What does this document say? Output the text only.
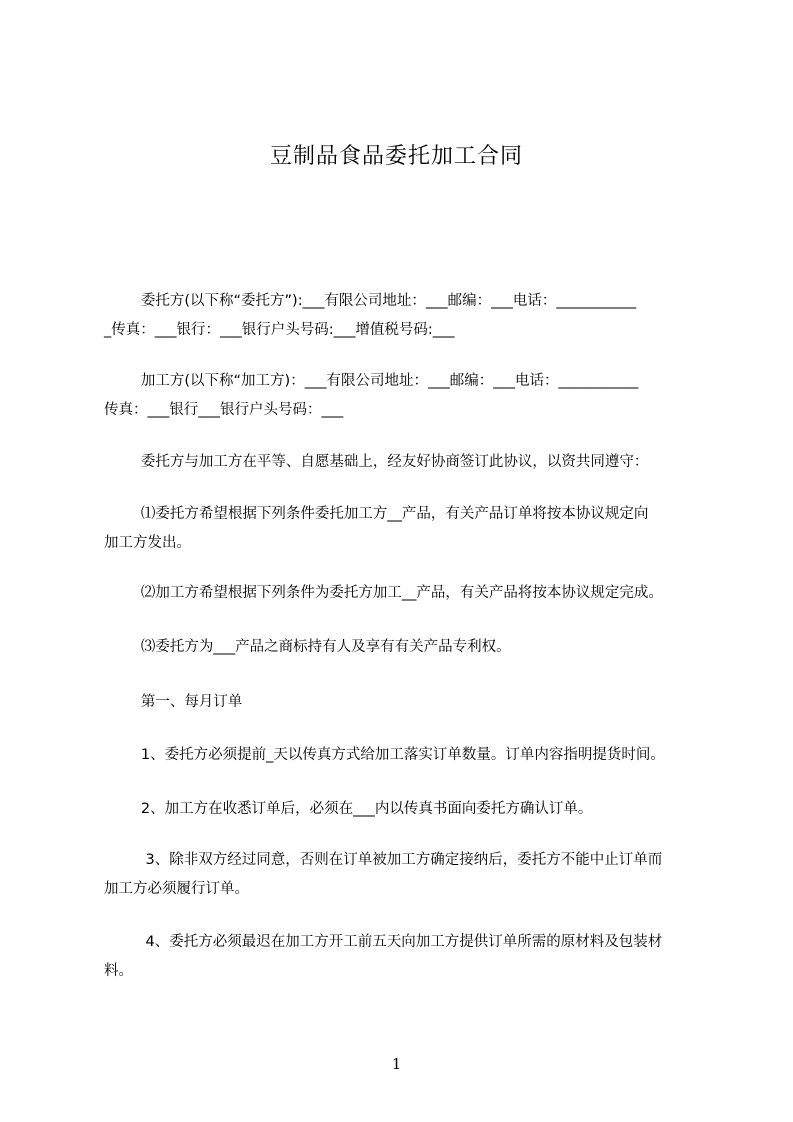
豆制品食品委托加工合同
委托方(以下称“委托方”):___有限公司地址：___邮编：___电话：___________
_传真：___银行：___银行户头号码:___增值税号码:___
加工方(以下称“加工方)：___有限公司地址：___邮编：___电话：___________
传真：___银行___银行户头号码：___
委托方与加工方在平等、自愿基础上，经友好协商签订此协议，以资共同遵守：
⑴委托方希望根据下列条件委托加工方__产品，有关产品订单将按本协议规定向
加工方发出。
⑵加工方希望根据下列条件为委托方加工__产品，有关产品将按本协议规定完成。
⑶委托方为___产品之商标持有人及享有有关产品专利权。
第一、每月订单
1、委托方必须提前_天以传真方式给加工落实订单数量。订单内容指明提货时间。
2、加工方在收悉订单后，必须在___内以传真书面向委托方确认订单。
3、除非双方经过同意，否则在订单被加工方确定接纳后，委托方不能中止订单而
加工方必须履行订单。
4、委托方必须最迟在加工方开工前五天向加工方提供订单所需的原材料及包装材
料。
1
